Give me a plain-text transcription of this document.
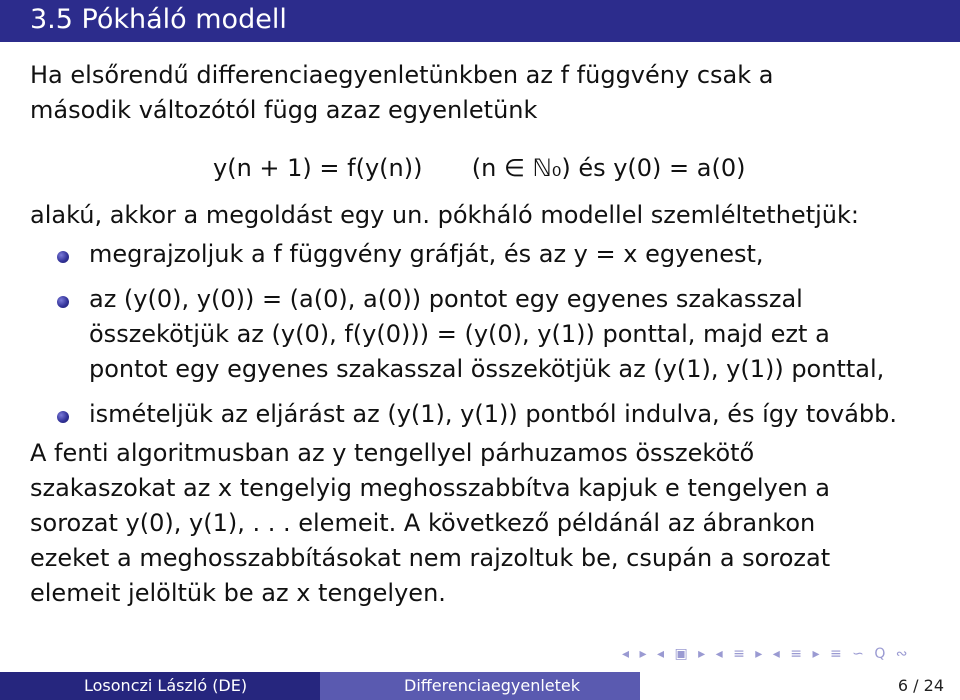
3.5 Pókháló modell
Ha elsőrendű differenciaegyenletünkben az f függvény csak a
második változótól függ azaz egyenletünk
y(n + 1) = f(y(n)) (n ∈ ℕ₀) és y(0) = a(0)
alakú, akkor a megoldást egy un. pókháló modellel szemléltethetjük:
megrajzoljuk a f függvény gráfját, és az y = x egyenest,
az (y(0), y(0)) = (a(0), a(0)) pontot egy egyenes szakasszal
összekötjük az (y(0), f(y(0))) = (y(0), y(1)) ponttal, majd ezt a
pontot egy egyenes szakasszal összekötjük az (y(1), y(1)) ponttal,
ismételjük az eljárást az (y(1), y(1)) pontból indulva, és így tovább.
A fenti algoritmusban az y tengellyel párhuzamos összekötő
szakaszokat az x tengelyig meghosszabbítva kapjuk e tengelyen a
sorozat y(0), y(1), . . . elemeit. A következő példánál az ábrankon
ezeket a meghosszabbításokat nem rajzoltuk be, csupán a sorozat
elemeit jelöltük be az x tengelyen.
◂ ▸ ◂ ▣ ▸ ◂ ≡ ▸ ◂ ≡ ▸ ≡ ∽ Q ∾
Losonczi László (DE)	Differenciaegyenletek	6 / 24
